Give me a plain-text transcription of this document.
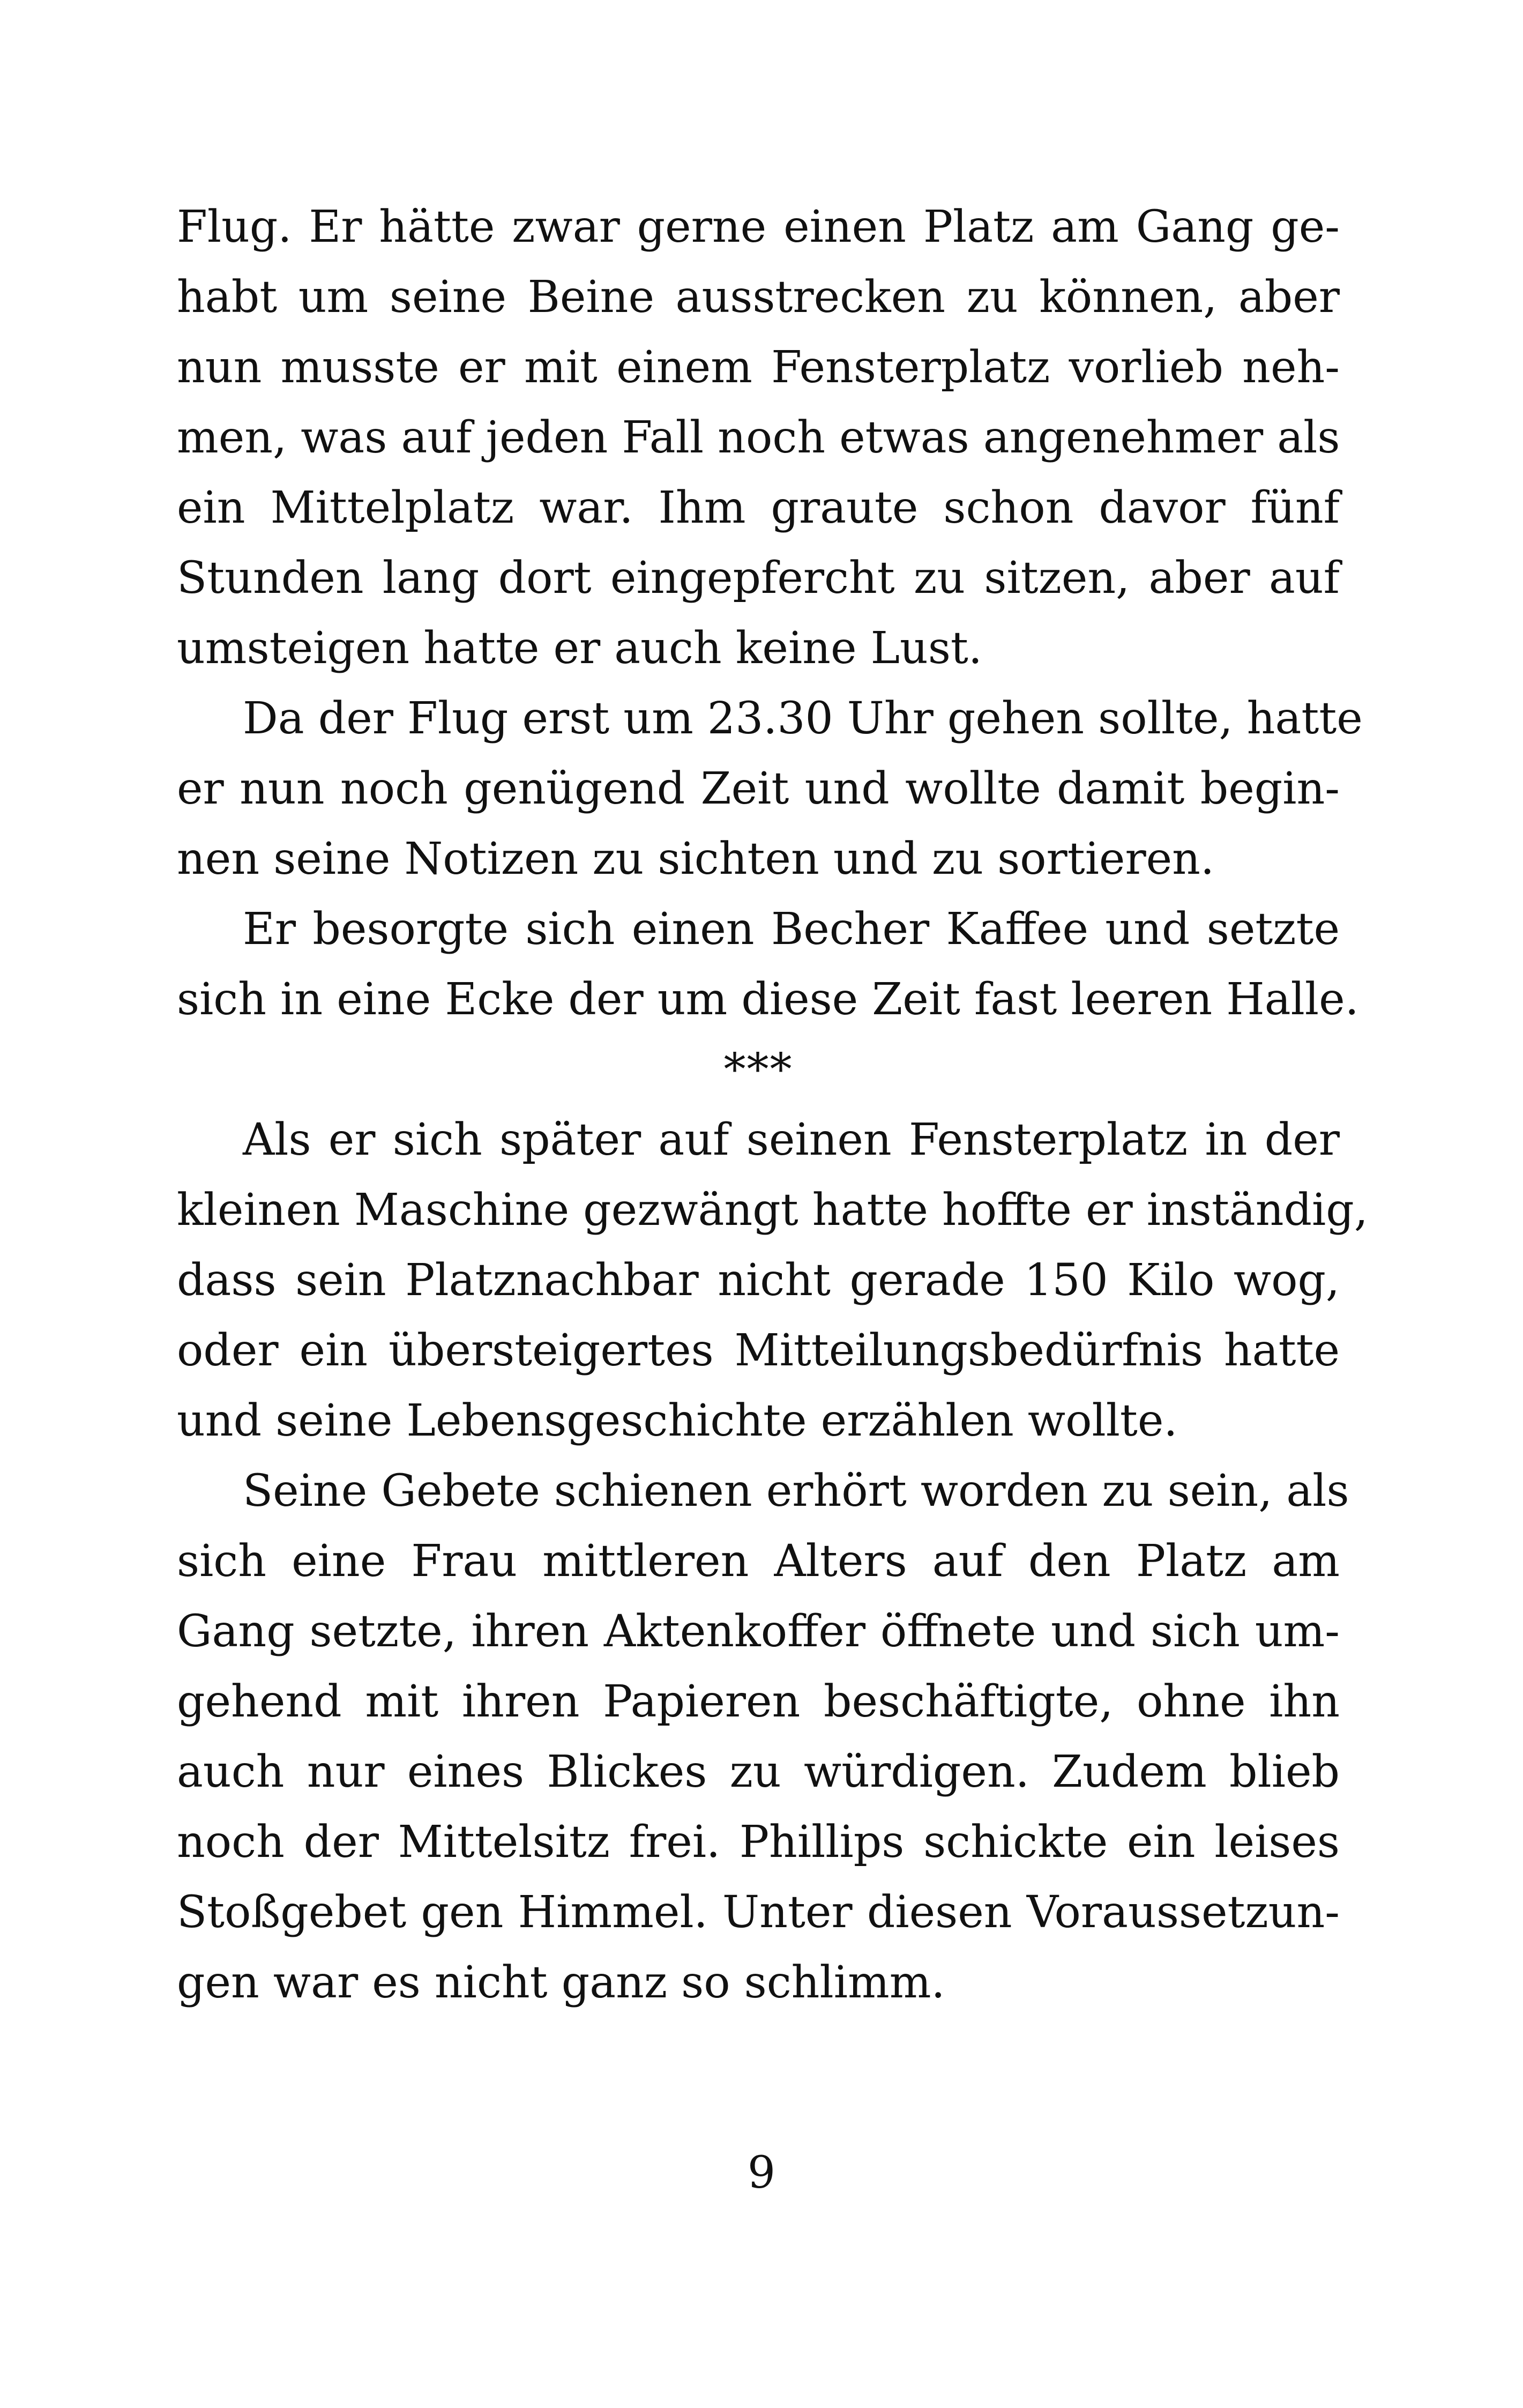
Flug. Er hätte zwar gerne einen Platz am Gang ge-
habt um seine Beine ausstrecken zu können, aber
nun musste er mit einem Fensterplatz vorlieb neh-
men, was auf jeden Fall noch etwas angenehmer als
ein Mittelplatz war. Ihm graute schon davor fünf
Stunden lang dort eingepfercht zu sitzen, aber auf
umsteigen hatte er auch keine Lust.
Da der Flug erst um 23.30 Uhr gehen sollte, hatte
er nun noch genügend Zeit und wollte damit begin-
nen seine Notizen zu sichten und zu sortieren.
Er besorgte sich einen Becher Kaffee und setzte
sich in eine Ecke der um diese Zeit fast leeren Halle.
***
Als er sich später auf seinen Fensterplatz in der
kleinen Maschine gezwängt hatte hoffte er inständig,
dass sein Platznachbar nicht gerade 150 Kilo wog,
oder ein übersteigertes Mitteilungsbedürfnis hatte
und seine Lebensgeschichte erzählen wollte.
Seine Gebete schienen erhört worden zu sein, als
sich eine Frau mittleren Alters auf den Platz am
Gang setzte, ihren Aktenkoffer öffnete und sich um-
gehend mit ihren Papieren beschäftigte, ohne ihn
auch nur eines Blickes zu würdigen. Zudem blieb
noch der Mittelsitz frei. Phillips schickte ein leises
Stoßgebet gen Himmel. Unter diesen Voraussetzun-
gen war es nicht ganz so schlimm.
9
